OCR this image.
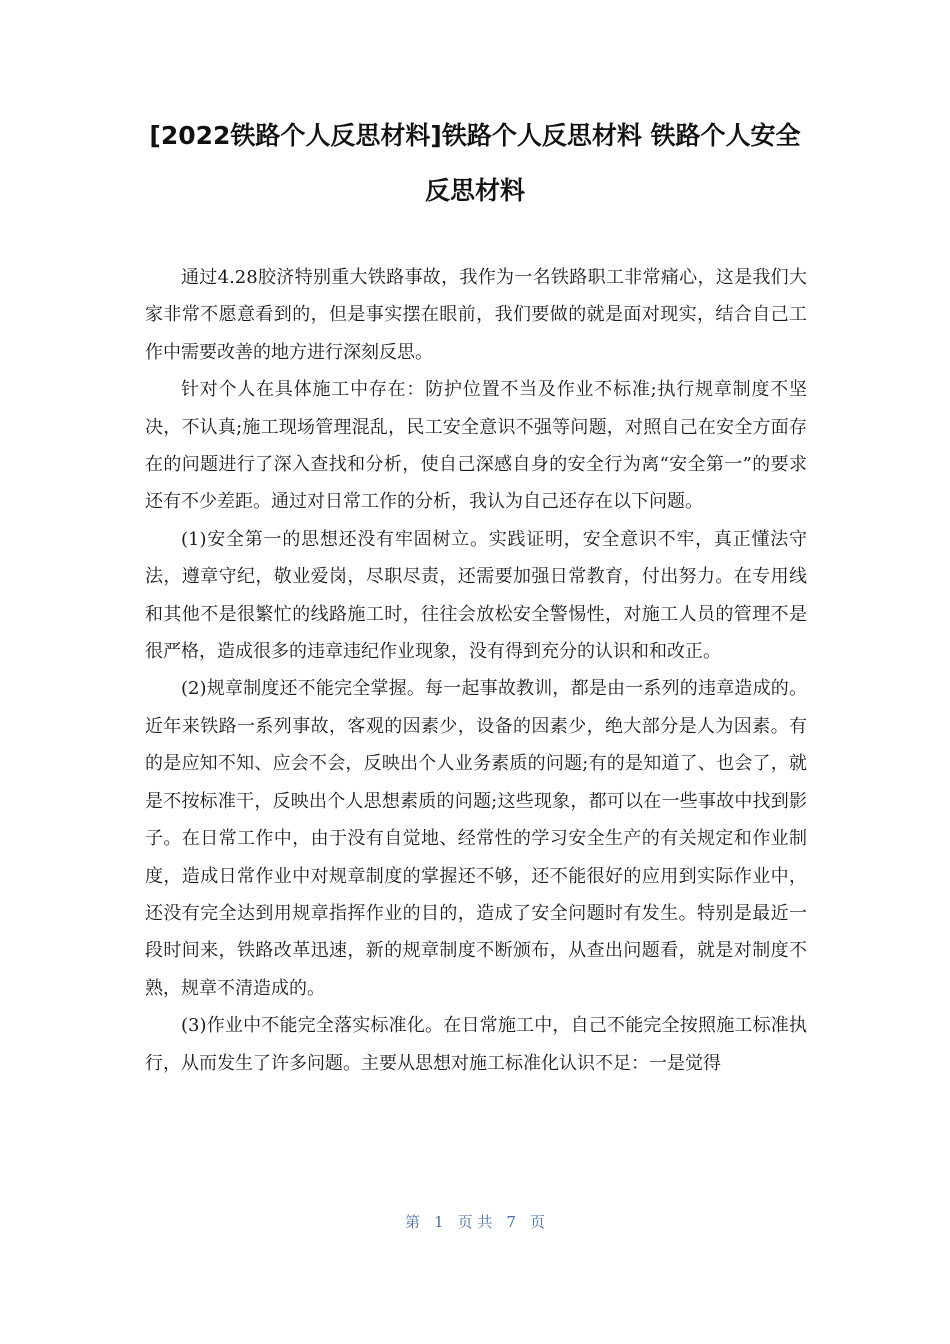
[2022铁路个人反思材料]铁路个人反思材料 铁路个人安全反思材料

通过4.28胶济特别重大铁路事故，我作为一名铁路职工非常痛心，这是我们大家非常不愿意看到的，但是事实摆在眼前，我们要做的就是面对现实，结合自己工作中需要改善的地方进行深刻反思。

针对个人在具体施工中存在：防护位置不当及作业不标准;执行规章制度不坚决，不认真;施工现场管理混乱，民工安全意识不强等问题，对照自己在安全方面存在的问题进行了深入查找和分析，使自己深感自身的安全行为离“安全第一”的要求还有不少差距。通过对日常工作的分析，我认为自己还存在以下问题。

(1)安全第一的思想还没有牢固树立。实践证明，安全意识不牢，真正懂法守法，遵章守纪，敬业爱岗，尽职尽责，还需要加强日常教育，付出努力。在专用线和其他不是很繁忙的线路施工时，往往会放松安全警惕性，对施工人员的管理不是很严格，造成很多的违章违纪作业现象，没有得到充分的认识和和改正。

(2)规章制度还不能完全掌握。每一起事故教训，都是由一系列的违章造成的。近年来铁路一系列事故，客观的因素少，设备的因素少，绝大部分是人为因素。有的是应知不知、应会不会，反映出个人业务素质的问题;有的是知道了、也会了，就是不按标准干，反映出个人思想素质的问题;这些现象，都可以在一些事故中找到影子。在日常工作中，由于没有自觉地、经常性的学习安全生产的有关规定和作业制度，造成日常作业中对规章制度的掌握还不够，还不能很好的应用到实际作业中，还没有完全达到用规章指挥作业的目的，造成了安全问题时有发生。特别是最近一段时间来，铁路改革迅速，新的规章制度不断颁布，从查出问题看，就是对制度不熟，规章不清造成的。

(3)作业中不能完全落实标准化。在日常施工中，自己不能完全按照施工标准执行，从而发生了许多问题。主要从思想对施工标准化认识不足：一是觉得

第 1 页 共 7 页
